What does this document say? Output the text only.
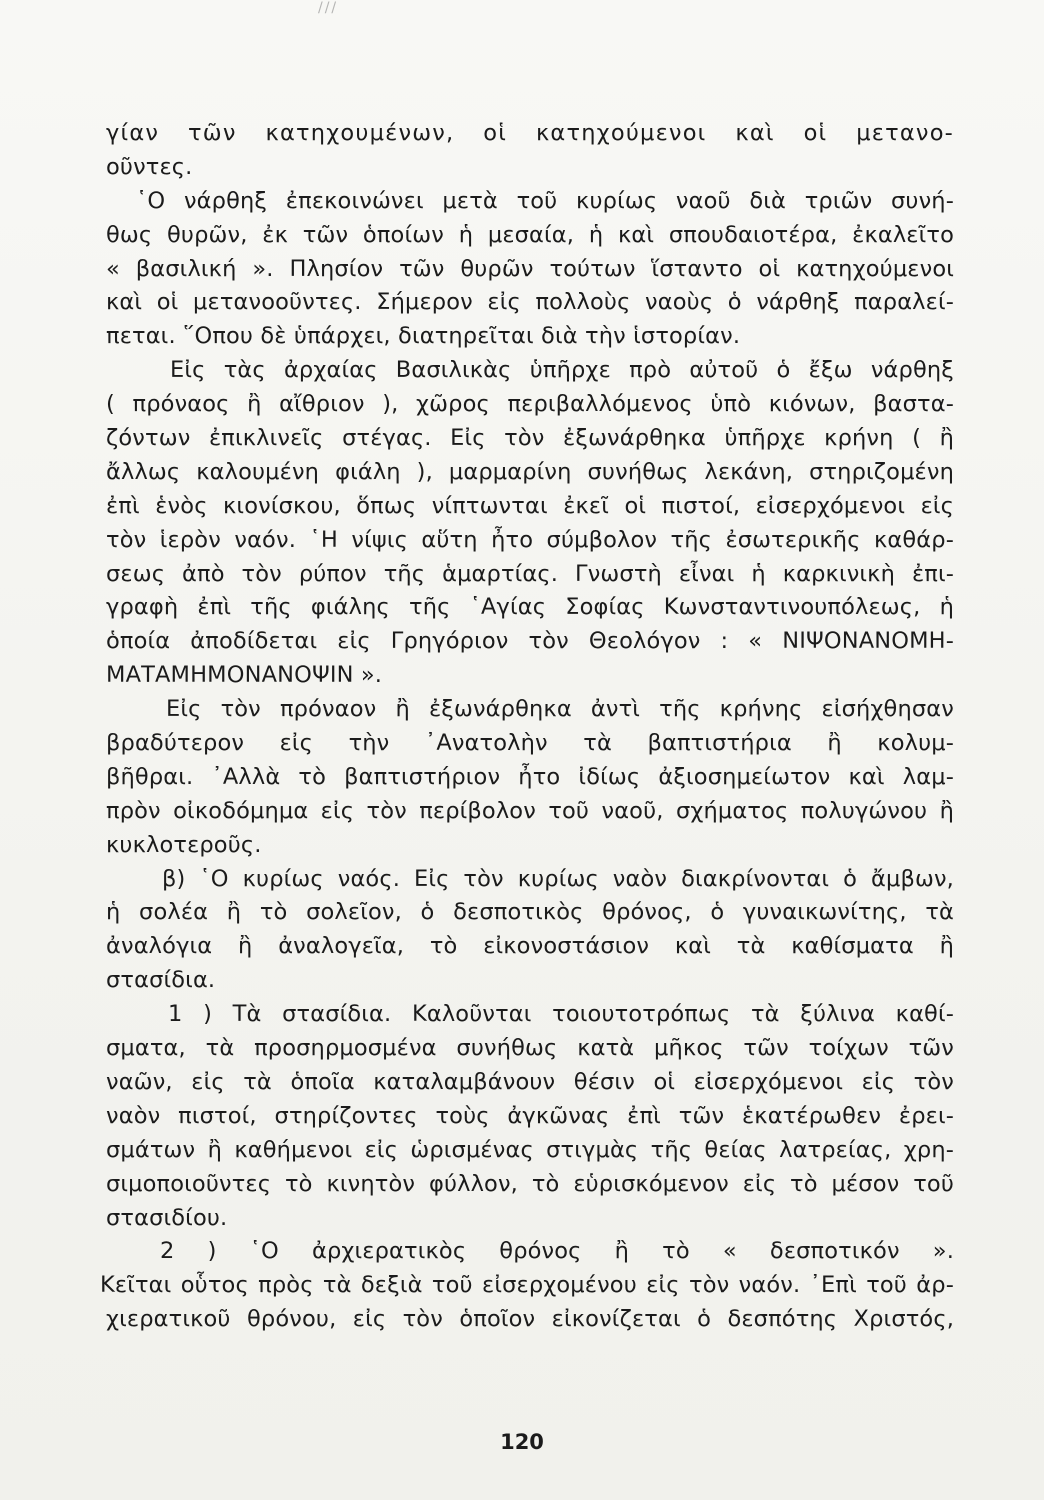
///
γίαν τῶν κατηχουμένων, οἱ κατηχούμενοι καὶ οἱ μετανο-
οῦντες.
῾Ο νάρθηξ ἐπεκοινώνει μετὰ τοῦ κυρίως ναοῦ διὰ τριῶν συνή-
θως θυρῶν, ἐκ τῶν ὁποίων ἡ μεσαία, ἡ καὶ σπουδαιοτέρα, ἐκαλεῖτο
« βασιλική ». Πλησίον τῶν θυρῶν τούτων ἵσταντο οἱ κατηχούμενοι
καὶ οἱ μετανοοῦντες. Σήμερον εἰς πολλοὺς ναοὺς ὁ νάρθηξ παραλεί-
πεται. ῞Οπου δὲ ὑπάρχει, διατηρεῖται διὰ τὴν ἱστορίαν.
Εἰς τὰς ἀρχαίας Βασιλικὰς ὑπῆρχε πρὸ αὐτοῦ ὁ ἔξω νάρθηξ
( πρόναος ἢ αἴθριον ), χῶρος περιβαλλόμενος ὑπὸ κιόνων, βαστα-
ζόντων ἐπικλινεῖς στέγας. Εἰς τὸν ἐξωνάρθηκα ὑπῆρχε κρήνη ( ἢ
ἄλλως καλουμένη φιάλη ), μαρμαρίνη συνήθως λεκάνη, στηριζομένη
ἐπὶ ἑνὸς κιονίσκου, ὅπως νίπτωνται ἐκεῖ οἱ πιστοί, εἰσερχόμενοι εἰς
τὸν ἱερὸν ναόν. ῾Η νίψις αὕτη ἦτο σύμβολον τῆς ἐσωτερικῆς καθάρ-
σεως ἀπὸ τὸν ρύπον τῆς ἁμαρτίας. Γνωστὴ εἶναι ἡ καρκινικὴ ἐπι-
γραφὴ ἐπὶ τῆς φιάλης τῆς ῾Αγίας Σοφίας Κωνσταντινουπόλεως, ἡ
ὁποία ἀποδίδεται εἰς Γρηγόριον τὸν Θεολόγον : « ΝΙΨΟΝΑΝΟΜΗ-
ΜΑΤΑΜΗΜΟΝΑΝΟΨΙΝ ».
Εἰς τὸν πρόναον ἢ ἐξωνάρθηκα ἀντὶ τῆς κρήνης εἰσήχθησαν
βραδύτερον εἰς τὴν ᾿Ανατολὴν τὰ βαπτιστήρια ἢ κολυμ-
βῆθραι. ᾿Αλλὰ τὸ βαπτιστήριον ἦτο ἰδίως ἀξιοσημείωτον καὶ λαμ-
πρὸν οἰκοδόμημα εἰς τὸν περίβολον τοῦ ναοῦ, σχήματος πολυγώνου ἢ
κυκλοτεροῦς.
β) ῾Ο κυρίως ναός. Εἰς τὸν κυρίως ναὸν διακρίνονται ὁ ἄμβων,
ἡ σολέα ἢ τὸ σολεῖον, ὁ δεσποτικὸς θρόνος, ὁ γυναικωνίτης, τὰ
ἀναλόγια ἢ ἀναλογεῖα, τὸ εἰκονοστάσιον καὶ τὰ καθίσματα ἢ
στασίδια.
1 ) Τὰ στασίδια. Καλοῦνται τοιουτοτρόπως τὰ ξύλινα καθί-
σματα, τὰ προσηρμοσμένα συνήθως κατὰ μῆκος τῶν τοίχων τῶν
ναῶν, εἰς τὰ ὁποῖα καταλαμβάνουν θέσιν οἱ εἰσερχόμενοι εἰς τὸν
ναὸν πιστοί, στηρίζοντες τοὺς ἀγκῶνας ἐπὶ τῶν ἑκατέρωθεν ἐρει-
σμάτων ἢ καθήμενοι εἰς ὡρισμένας στιγμὰς τῆς θείας λατρείας, χρη-
σιμοποιοῦντες τὸ κινητὸν φύλλον, τὸ εὑρισκόμενον εἰς τὸ μέσον τοῦ
στασιδίου.
2 ) ῾Ο ἀρχιερατικὸς θρόνος ἢ τὸ « δεσποτικόν ».
Κεῖται οὗτος πρὸς τὰ δεξιὰ τοῦ εἰσερχομένου εἰς τὸν ναόν. ᾿Επὶ τοῦ ἀρ-
χιερατικοῦ θρόνου, εἰς τὸν ὁποῖον εἰκονίζεται ὁ δεσπότης Χριστός,
120
